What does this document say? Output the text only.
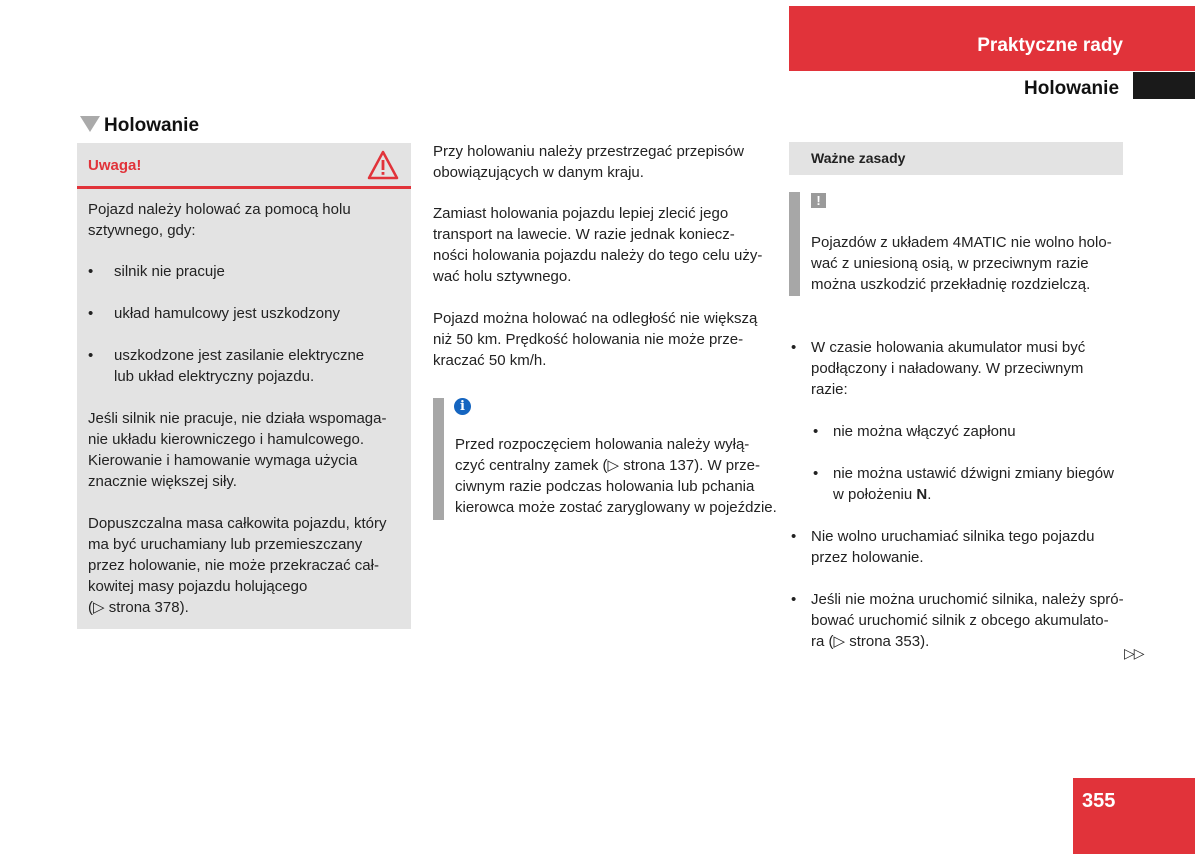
Praktyczne rady
Holowanie
Holowanie
Uwaga!
Pojazd należy holować za pomocą holu
sztywnego, gdy:
• silnik nie pracuje
• układ hamulcowy jest uszkodzony
• uszkodzone jest zasilanie elektryczne
lub układ elektryczny pojazdu.
Jeśli silnik nie pracuje, nie działa wspomaga-
nie układu kierowniczego i hamulcowego.
Kierowanie i hamowanie wymaga użycia
znacznie większej siły.
Dopuszczalna masa całkowita pojazdu, który
ma być uruchamiany lub przemieszczany
przez holowanie, nie może przekraczać cał-
kowitej masy pojazdu holującego
(▷ strona 378).
Przy holowaniu należy przestrzegać przepisów
obowiązujących w danym kraju.
Zamiast holowania pojazdu lepiej zlecić jego
transport na lawecie. W razie jednak koniecz-
ności holowania pojazdu należy do tego celu uży-
wać holu sztywnego.
Pojazd można holować na odległość nie większą
niż 50 km. Prędkość holowania nie może prze-
kraczać 50 km/h.
i
Przed rozpoczęciem holowania należy wyłą-
czyć centralny zamek (▷ strona 137). W prze-
ciwnym razie podczas holowania lub pchania
kierowca może zostać zaryglowany w pojeździe.
Ważne zasady
!
Pojazdów z układem 4MATIC nie wolno holo-
wać z uniesioną osią, w przeciwnym razie
można uszkodzić przekładnię rozdzielczą.
• W czasie holowania akumulator musi być
podłączony i naładowany. W przeciwnym
razie:
• nie można włączyć zapłonu
• nie można ustawić dźwigni zmiany biegów
w położeniu N.
• Nie wolno uruchamiać silnika tego pojazdu
przez holowanie.
• Jeśli nie można uruchomić silnika, należy spró-
bować uruchomić silnik z obcego akumulato-
ra (▷ strona 353).
▷▷
355
